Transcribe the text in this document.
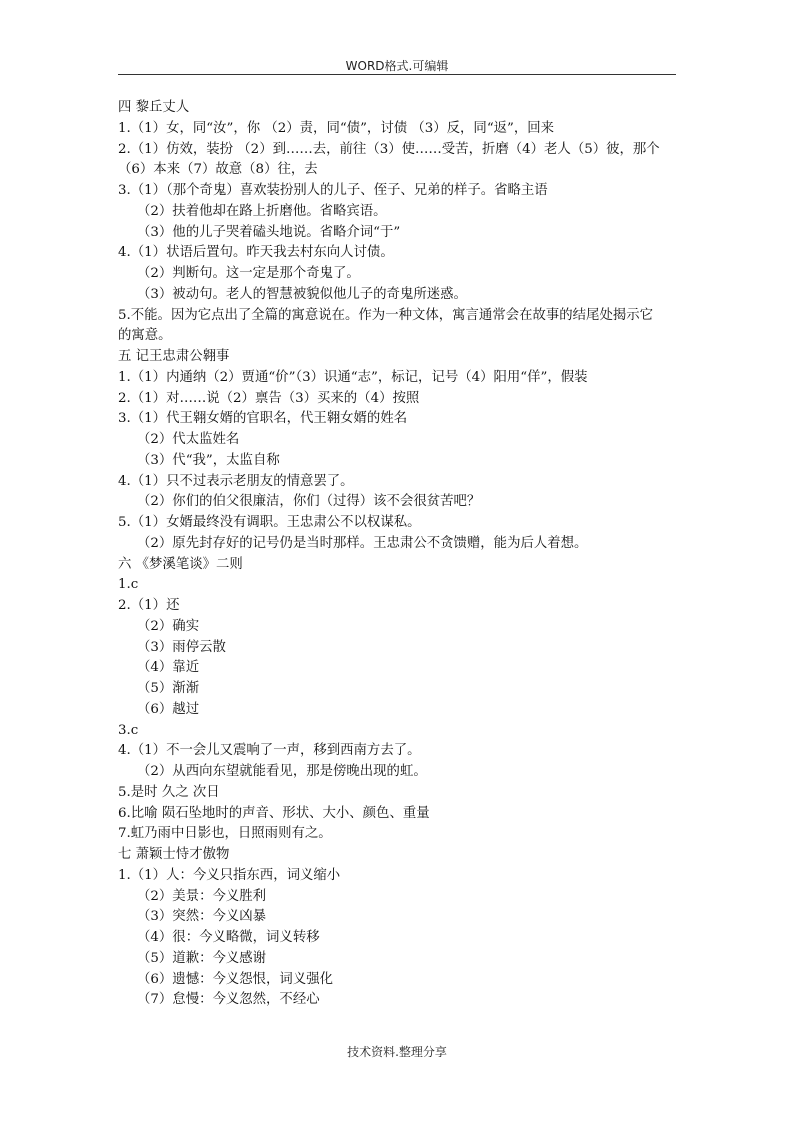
WORD格式.可编辑
四 黎丘丈人
1.（1）女，同“汝”，你 （2）责，同“债”，讨债 （3）反，同“返”，回来
2.（1）仿效，装扮 （2）到……去，前往（3）使……受苦，折磨（4）老人（5）彼，那个
（6）本来（7）故意（8）往，去
3.（1）（那个奇鬼）喜欢装扮别人的儿子、侄子、兄弟的样子。省略主语
（2）扶着他却在路上折磨他。省略宾语。
（3）他的儿子哭着磕头地说。省略介词“于”
4.（1）状语后置句。昨天我去村东向人讨债。
（2）判断句。这一定是那个奇鬼了。
（3）被动句。老人的智慧被貌似他儿子的奇鬼所迷惑。
5.不能。因为它点出了全篇的寓意说在。作为一种文体，寓言通常会在故事的结尾处揭示它
的寓意。
五 记王忠肃公翱事
1.（1）内通纳（2）贾通“价”（3）识通“志”，标记，记号（4）阳用“佯”，假装
2.（1）对……说（2）禀告（3）买来的（4）按照
3.（1）代王翱女婿的官职名，代王翱女婿的姓名
（2）代太监姓名
（3）代“我”，太监自称
4.（1）只不过表示老朋友的情意罢了。
（2）你们的伯父很廉洁，你们（过得）该不会很贫苦吧？
5.（1）女婿最终没有调职。王忠肃公不以权谋私。
（2）原先封存好的记号仍是当时那样。王忠肃公不贪馈赠，能为后人着想。
六 《梦溪笔谈》二则
1.c
2.（1）还
（2）确实
（3）雨停云散
（4）靠近
（5）渐渐
（6）越过
3.c
4.（1）不一会儿又震响了一声，移到西南方去了。
（2）从西向东望就能看见，那是傍晚出现的虹。
5.是时 久之 次日
6.比喻 陨石坠地时的声音、形状、大小、颜色、重量
7.虹乃雨中日影也，日照雨则有之。
七 萧颖士恃才傲物
1.（1）人：今义只指东西，词义缩小
（2）美景：今义胜利
（3）突然：今义凶暴
（4）很：今义略微，词义转移
（5）道歉：今义感谢
（6）遗憾：今义怨恨，词义强化
（7）怠慢：今义忽然，不经心
技术资料.整理分享
